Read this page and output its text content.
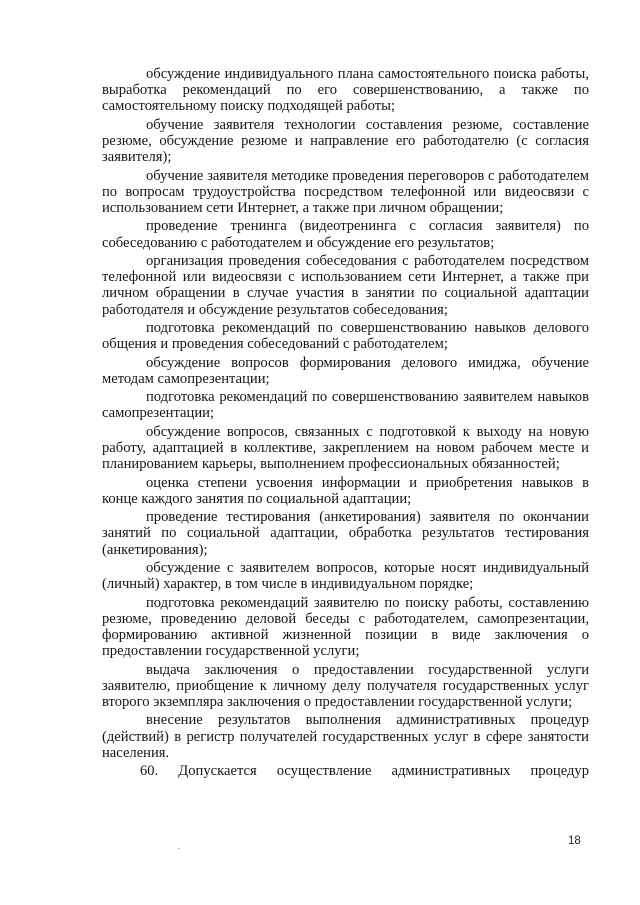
обсуждение индивидуального плана самостоятельного поиска работы, выработка рекомендаций по его совершенствованию, а также по самостоятельному поиску подходящей работы;

обучение заявителя технологии составления резюме, составление резюме, обсуждение резюме и направление его работодателю (с согласия заявителя);

обучение заявителя методике проведения переговоров с работодателем по вопросам трудоустройства посредством телефонной или видеосвязи с использованием сети Интернет, а также при личном обращении;

проведение тренинга (видеотренинга с согласия заявителя) по собеседованию с работодателем и обсуждение его результатов;

организация проведения собеседования с работодателем посредством телефонной или видеосвязи с использованием сети Интернет, а также при личном обращении в случае участия в занятии по социальной адаптации работодателя и обсуждение результатов собеседования;

подготовка рекомендаций по совершенствованию навыков делового общения и проведения собеседований с работодателем;

обсуждение вопросов формирования делового имиджа, обучение методам самопрезентации;

подготовка рекомендаций по совершенствованию заявителем навыков самопрезентации;

обсуждение вопросов, связанных с подготовкой к выходу на новую работу, адаптацией в коллективе, закреплением на новом рабочем месте и планированием карьеры, выполнением профессиональных обязанностей;

оценка степени усвоения информации и приобретения навыков в конце каждого занятия по социальной адаптации;

проведение тестирования (анкетирования) заявителя по окончании занятий по социальной адаптации, обработка результатов тестирования (анкетирования);

обсуждение с заявителем вопросов, которые носят индивидуальный (личный) характер, в том числе в индивидуальном порядке;

подготовка рекомендаций заявителю по поиску работы, составлению резюме, проведению деловой беседы с работодателем, самопрезентации, формированию активной жизненной позиции в виде заключения о предоставлении государственной услуги;

выдача заключения о предоставлении государственной услуги заявителю, приобщение к личному делу получателя государственных услуг второго экземпляра заключения о предоставлении государственной услуги;

внесение результатов выполнения административных процедур (действий) в регистр получателей государственных услуг в сфере занятости населения.

60. Допускается осуществление административных процедур

18
